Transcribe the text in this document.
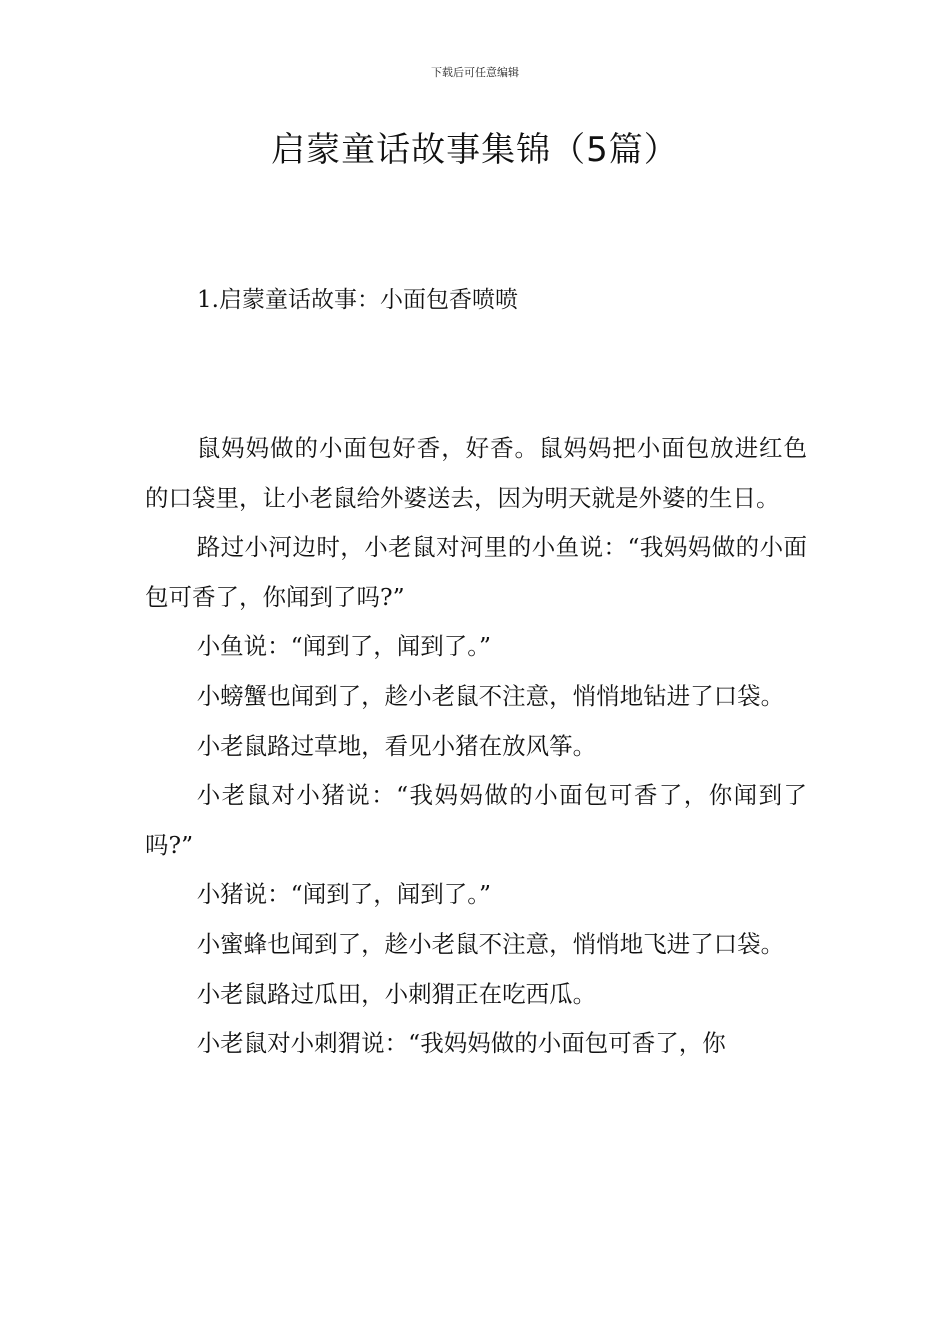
下载后可任意编辑
启蒙童话故事集锦（5篇）
1.启蒙童话故事：小面包香喷喷

鼠妈妈做的小面包好香，好香。鼠妈妈把小面包放进红色的口袋里，让小老鼠给外婆送去，因为明天就是外婆的生日。

路过小河边时，小老鼠对河里的小鱼说：“我妈妈做的小面包可香了，你闻到了吗?”

小鱼说：“闻到了，闻到了。”

小螃蟹也闻到了，趁小老鼠不注意，悄悄地钻进了口袋。

小老鼠路过草地，看见小猪在放风筝。

小老鼠对小猪说：“我妈妈做的小面包可香了，你闻到了吗?”

小猪说：“闻到了，闻到了。”

小蜜蜂也闻到了，趁小老鼠不注意，悄悄地飞进了口袋。

小老鼠路过瓜田，小刺猬正在吃西瓜。

小老鼠对小刺猬说：“我妈妈做的小面包可香了，你
